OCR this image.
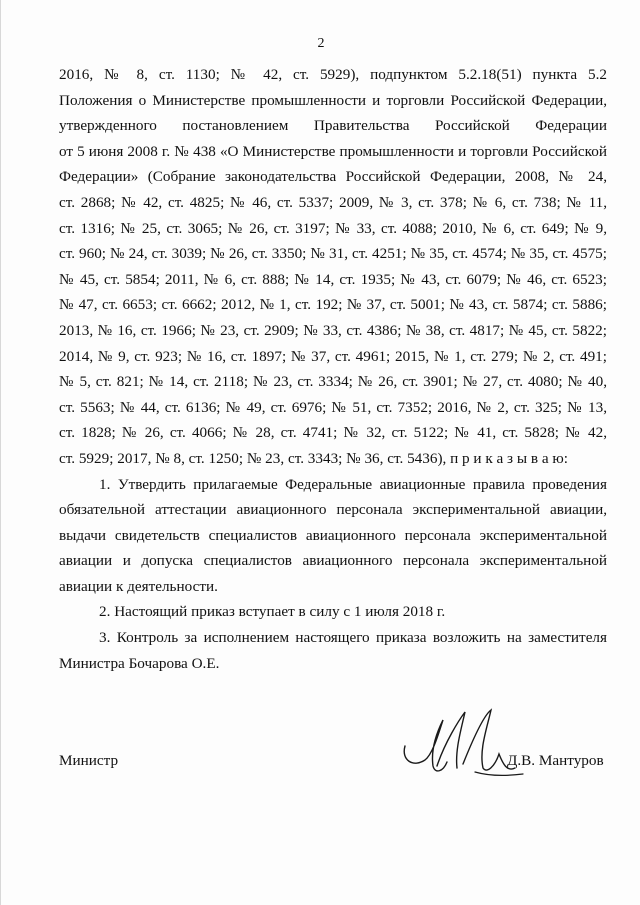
2
2016, № 8, ст. 1130; № 42, ст. 5929), подпунктом 5.2.18(51) пункта 5.2
Положения о Министерстве промышленности и торговли Российской Федерации,
утвержденного постановлением Правительства Российской Федерации
от 5 июня 2008 г. № 438 «О Министерстве промышленности и торговли Российской
Федерации» (Собрание законодательства Российской Федерации, 2008, № 24,
ст. 2868; № 42, ст. 4825; № 46, ст. 5337; 2009, № 3, ст. 378; № 6, ст. 738; № 11,
ст. 1316; № 25, ст. 3065; № 26, ст. 3197; № 33, ст. 4088; 2010, № 6, ст. 649; № 9,
ст. 960; № 24, ст. 3039; № 26, ст. 3350; № 31, ст. 4251; № 35, ст. 4574; № 35, ст. 4575;
№ 45, ст. 5854; 2011, № 6, ст. 888; № 14, ст. 1935; № 43, ст. 6079; № 46, ст. 6523;
№ 47, ст. 6653; ст. 6662; 2012, № 1, ст. 192; № 37, ст. 5001; № 43, ст. 5874; ст. 5886;
2013, № 16, ст. 1966; № 23, ст. 2909; № 33, ст. 4386; № 38, ст. 4817; № 45, ст. 5822;
2014, № 9, ст. 923; № 16, ст. 1897; № 37, ст. 4961; 2015, № 1, ст. 279; № 2, ст. 491;
№ 5, ст. 821; № 14, ст. 2118; № 23, ст. 3334; № 26, ст. 3901; № 27, ст. 4080; № 40,
ст. 5563; № 44, ст. 6136; № 49, ст. 6976; № 51, ст. 7352; 2016, № 2, ст. 325; № 13,
ст. 1828; № 26, ст. 4066; № 28, ст. 4741; № 32, ст. 5122; № 41, ст. 5828; № 42,
ст. 5929; 2017, № 8, ст. 1250; № 23, ст. 3343; № 36, ст. 5436), п р и к а з ы в а ю:
1. Утвердить прилагаемые Федеральные авиационные правила проведения
обязательной аттестации авиационного персонала экспериментальной авиации,
выдачи свидетельств специалистов авиационного персонала экспериментальной
авиации и допуска специалистов авиационного персонала экспериментальной
авиации к деятельности.
2. Настоящий приказ вступает в силу с 1 июля 2018 г.
3. Контроль за исполнением настоящего приказа возложить на заместителя
Министра Бочарова О.Е.
Министр	Д.В. Мантуров
